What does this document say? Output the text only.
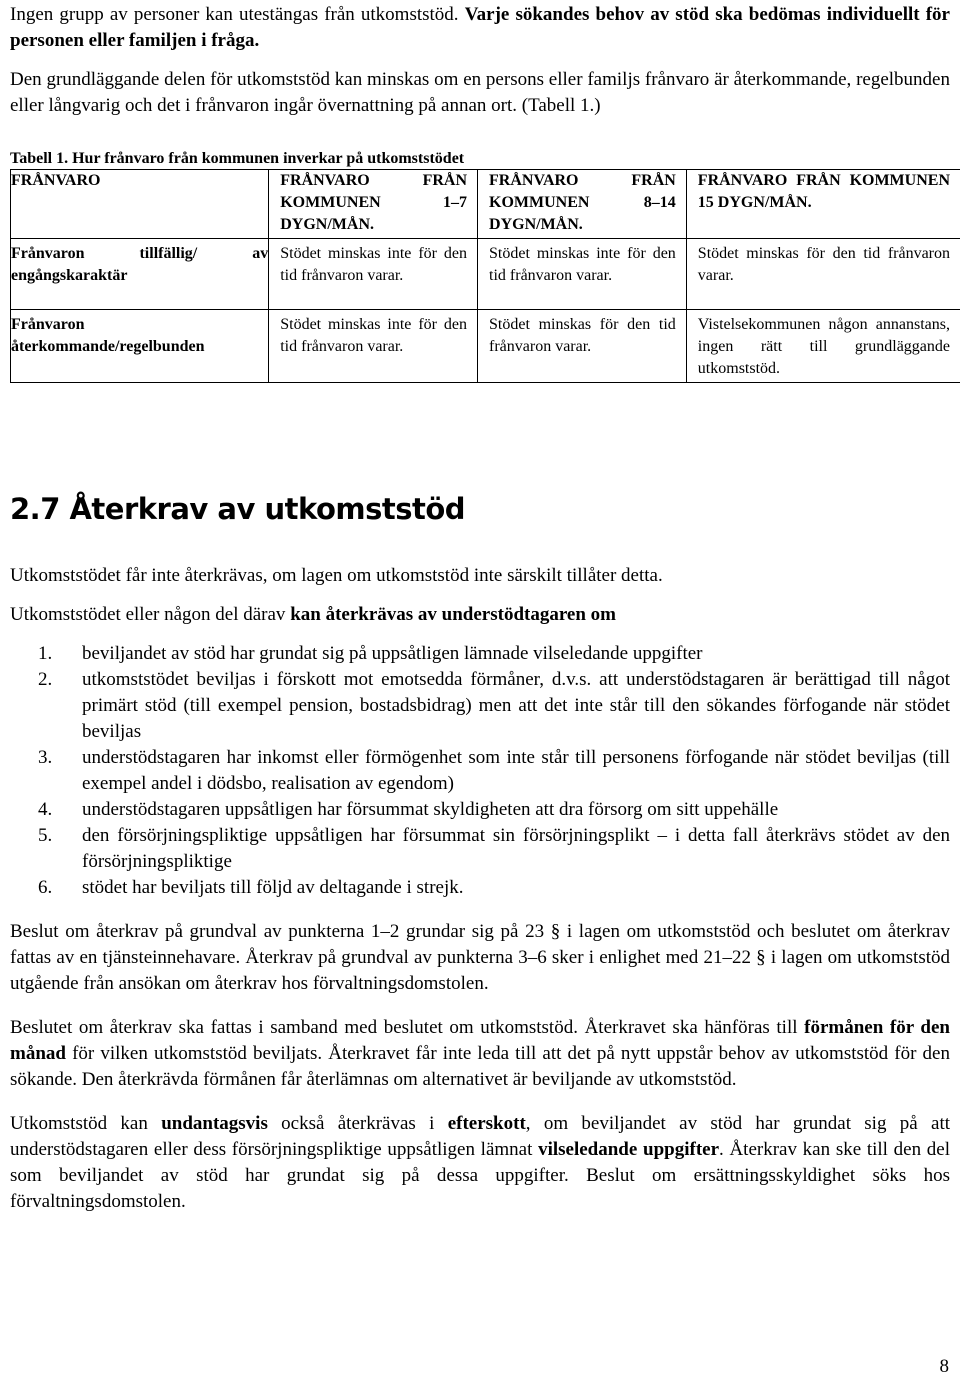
Ingen grupp av personer kan utestängas från utkomststöd. Varje sökandes behov av stöd ska bedömas individuellt för personen eller familjen i fråga.

Den grundläggande delen för utkomststöd kan minskas om en persons eller familjs frånvaro är återkommande, regelbunden eller långvarig och det i frånvaron ingår övernattning på annan ort. (Tabell 1.)

Tabell 1. Hur frånvaro från kommunen inverkar på utkomststödet

FRÅNVARO	FRÅNVARO FRÅN KOMMUNEN 1–7 DYGN/MÅN.	FRÅNVARO FRÅN KOMMUNEN 8–14 DYGN/MÅN.	FRÅNVARO FRÅN KOMMUNEN 15 DYGN/MÅN.

Frånvaron tillfällig/ av engångskaraktär	Stödet minskas inte för den tid frånvaron varar.	Stödet minskas inte för den tid frånvaron varar.	Stödet minskas för den tid frånvaron varar.

Frånvaron återkommande/regelbunden	Stödet minskas inte för den tid frånvaron varar.	Stödet minskas för den tid frånvaron varar.	Vistelsekommunen någon annanstans, ingen rätt till grundläggande utkomststöd.
2.7 Återkrav av utkomststöd

Utkomststödet får inte återkrävas, om lagen om utkomststöd inte särskilt tillåter detta.

Utkomststödet eller någon del därav kan återkrävas av understödtagaren om

1. beviljandet av stöd har grundat sig på uppsåtligen lämnade vilseledande uppgifter
2. utkomststödet beviljas i förskott mot emotsedda förmåner, d.v.s. att understödstagaren är berättigad till något primärt stöd (till exempel pension, bostadsbidrag) men att det inte står till den sökandes förfogande när stödet beviljas
3. understödstagaren har inkomst eller förmögenhet som inte står till personens förfogande när stödet beviljas (till exempel andel i dödsbo, realisation av egendom)
4. understödstagaren uppsåtligen har försummat skyldigheten att dra försorg om sitt uppehälle
5. den försörjningspliktige uppsåtligen har försummat sin försörjningsplikt – i detta fall återkrävs stödet av den försörjningspliktige
6. stödet har beviljats till följd av deltagande i strejk.

Beslut om återkrav på grundval av punkterna 1–2 grundar sig på 23 § i lagen om utkomststöd och beslutet om återkrav fattas av en tjänsteinnehavare. Återkrav på grundval av punkterna 3–6 sker i enlighet med 21–22 § i lagen om utkomststöd utgående från ansökan om återkrav hos förvaltningsdomstolen.

Beslutet om återkrav ska fattas i samband med beslutet om utkomststöd. Återkravet ska hänföras till förmånen för den månad för vilken utkomststöd beviljats. Återkravet får inte leda till att det på nytt uppstår behov av utkomststöd för den sökande. Den återkrävda förmånen får återlämnas om alternativet är beviljande av utkomststöd.

Utkomststöd kan undantagsvis också återkrävas i efterskott, om beviljandet av stöd har grundat sig på att understödstagaren eller dess försörjningspliktige uppsåtligen lämnat vilseledande uppgifter. Återkrav kan ske till den del som beviljandet av stöd har grundat sig på dessa uppgifter. Beslut om ersättningsskyldighet söks hos förvaltningsdomstolen.

8
